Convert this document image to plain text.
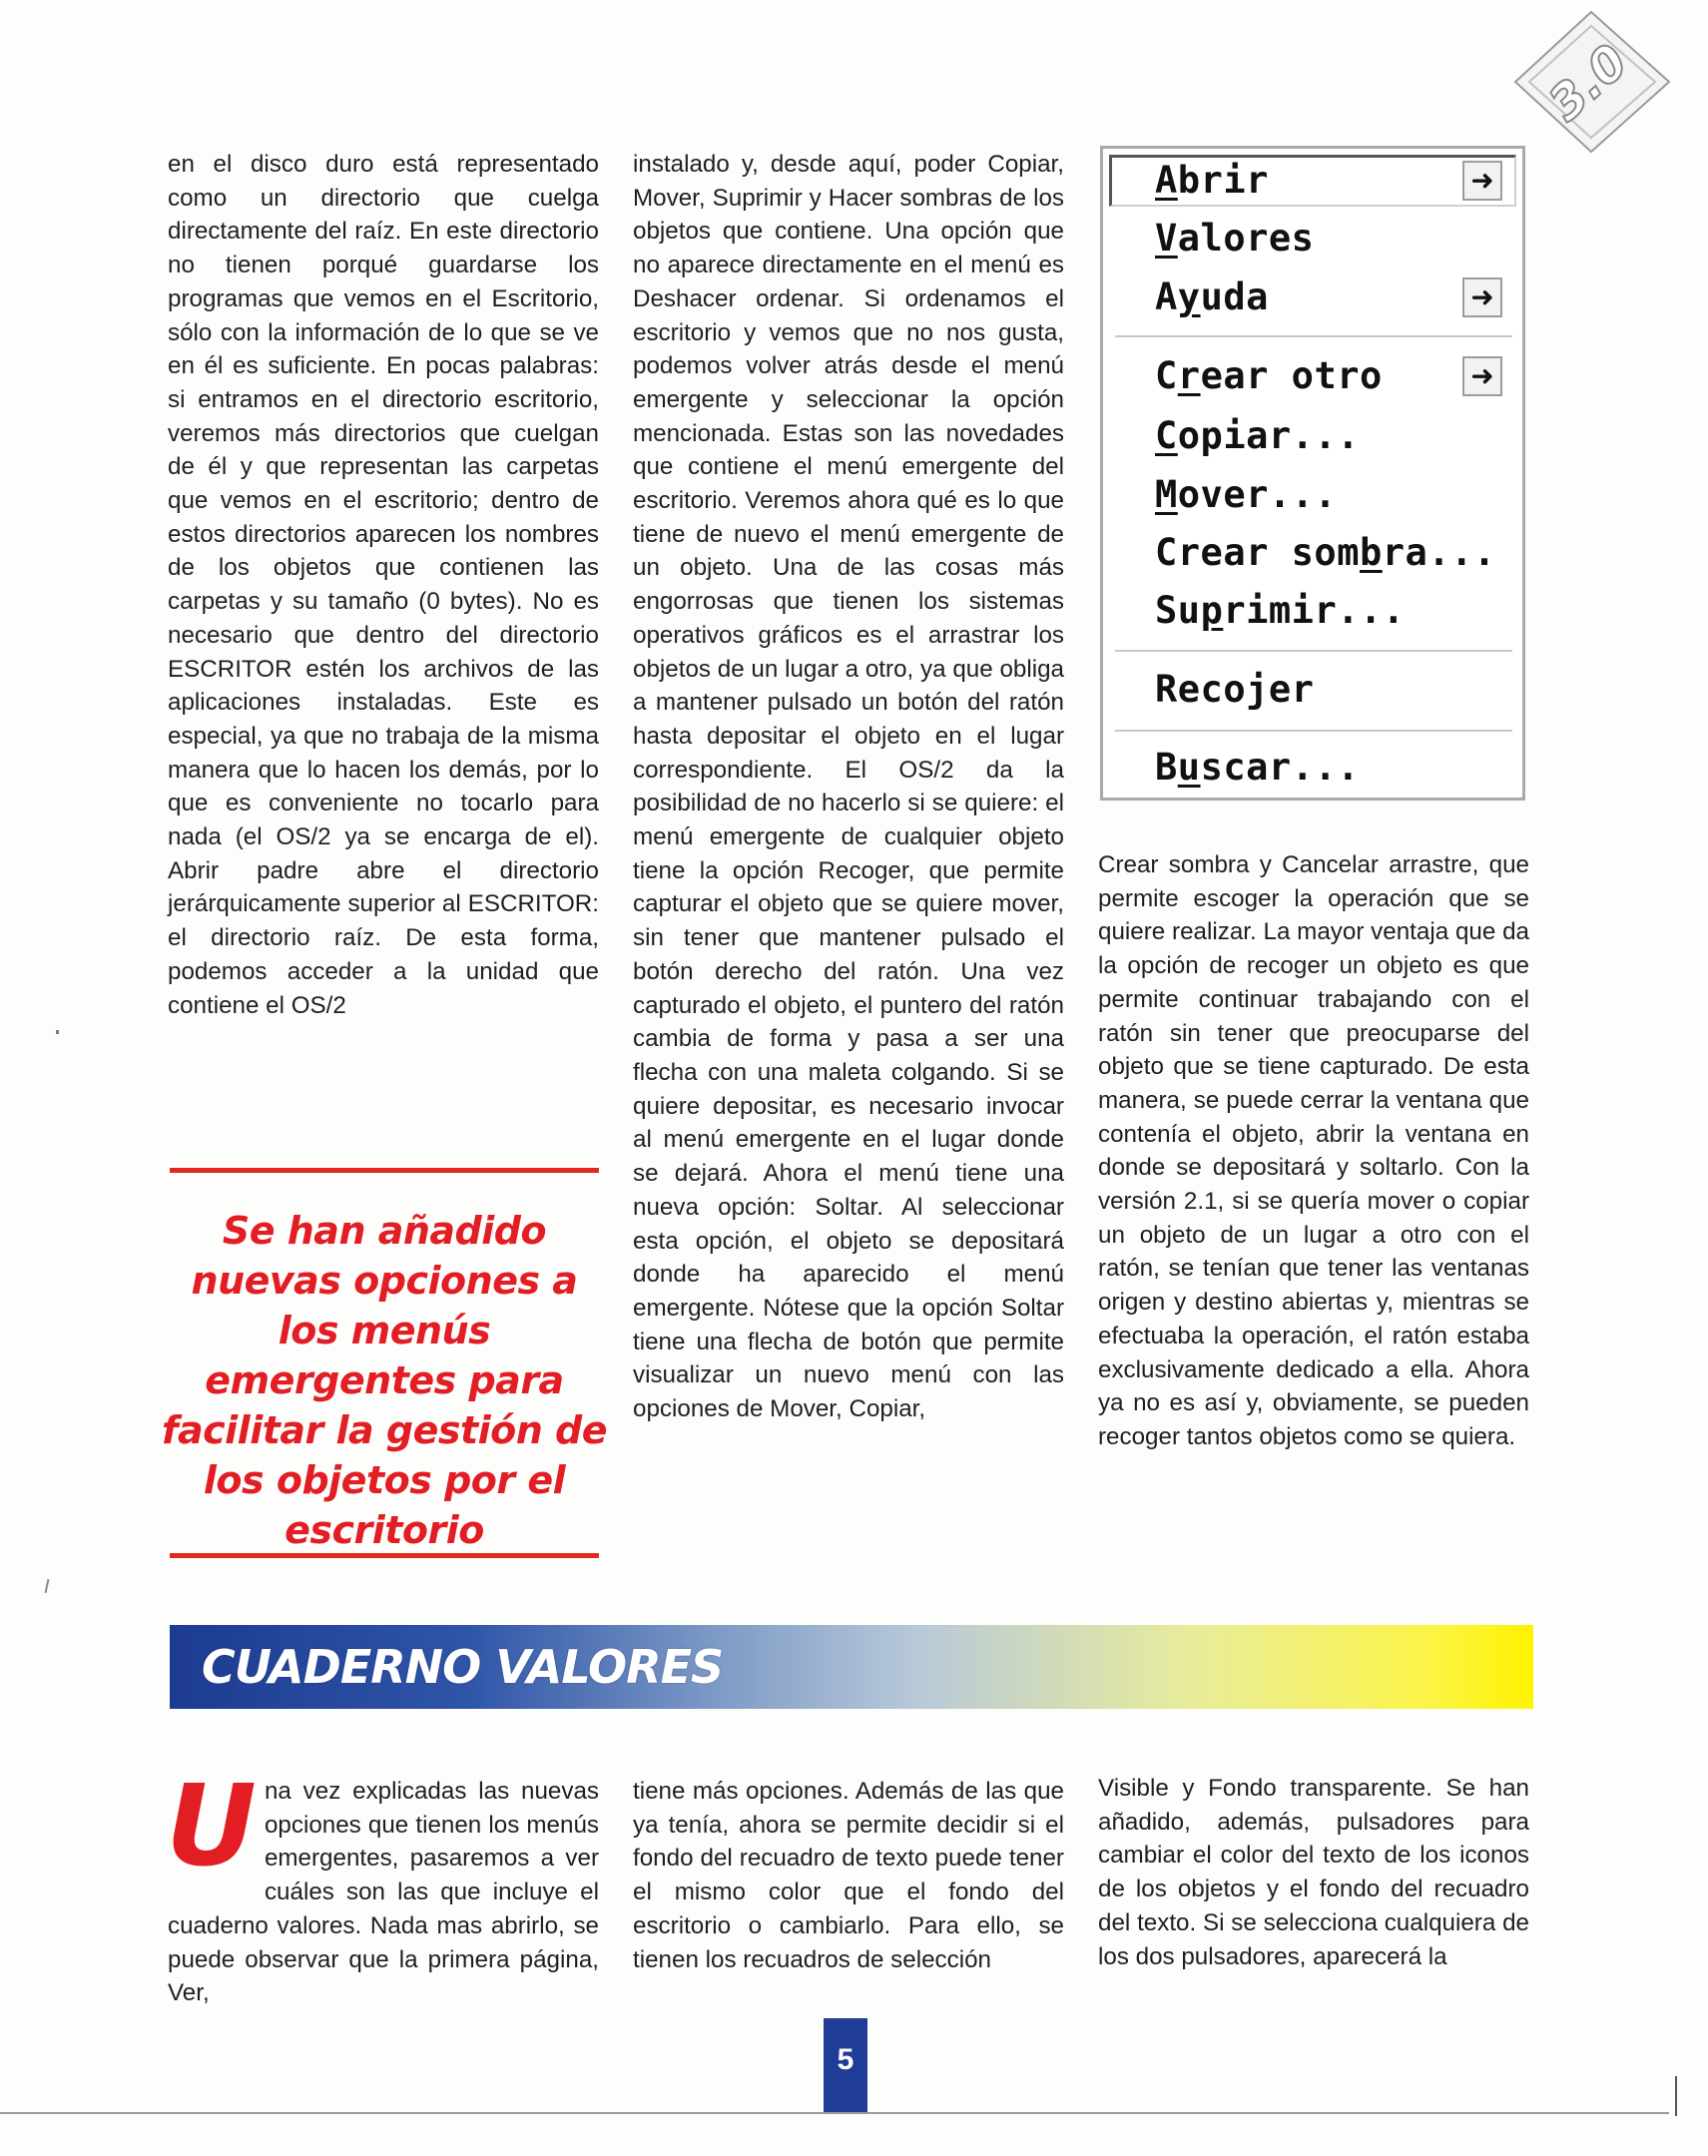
3.0
en el disco duro está representado como un directorio que cuelga directamente del raíz. En este directorio no tienen porqué guardarse los programas que vemos en el Escritorio, sólo con la información de lo que se ve en él es suficiente. En pocas palabras: si entramos en el directorio escritorio, veremos más directorios que cuelgan de él y que representan las carpetas que vemos en el escritorio; dentro de estos directorios aparecen los nombres de los objetos que contienen las carpetas y su tamaño (0 bytes). No es necesario que dentro del directorio ESCRITOR estén los archivos de las aplicaciones instaladas. Este es especial, ya que no trabaja de la misma manera que lo hacen los demás, por lo que es conveniente no tocarlo para nada (el OS/2 ya se encarga de el). Abrir padre abre el directorio jerárquicamente superior al ESCRITOR: el directorio raíz. De esta forma, podemos acceder a la unidad que contiene el OS/2
instalado y, desde aquí, poder Copiar, Mover, Suprimir y Hacer sombras de los objetos que contiene. Una opción que no aparece directamente en el menú es Deshacer ordenar. Si ordenamos el escritorio y vemos que no nos gusta, podemos volver atrás desde el menú emergente y seleccionar la opción mencionada. Estas son las novedades que contiene el menú emergente del escritorio. Veremos ahora qué es lo que tiene de nuevo el menú emergente de un objeto. Una de las cosas más engorrosas que tienen los sistemas operativos gráficos es el arrastrar los objetos de un lugar a otro, ya que obliga a mantener pulsado un botón del ratón hasta depositar el objeto en el lugar correspondiente. El OS/2 da la posibilidad de no hacerlo si se quiere: el menú emergente de cualquier objeto tiene la opción Recoger, que permite capturar el objeto que se quiere mover, sin tener que mantener pulsado el botón derecho del ratón. Una vez capturado el objeto, el puntero del ratón cambia de forma y pasa a ser una flecha con una maleta colgando. Si se quiere depositar, es necesario invocar al menú emergente en el lugar donde se dejará. Ahora el menú tiene una nueva opción: Soltar. Al seleccionar esta opción, el objeto se depositará donde ha aparecido el menú emergente. Nótese que la opción Soltar tiene una flecha de botón que permite visualizar un nuevo menú con las opciones de Mover, Copiar,
Abrir	➜
Valores
Ayuda	➜
Crear otro	➜
Copiar...
Mover...
Crear sombra...
Suprimir...
Recojer
Buscar...
Crear sombra y Cancelar arrastre, que permite escoger la operación que se quiere realizar. La mayor ventaja que da la opción de recoger un objeto es que permite continuar trabajando con el ratón sin tener que preocuparse del objeto que se tiene capturado. De esta manera, se puede cerrar la ventana que contenía el objeto, abrir la ventana en donde se depositará y soltarlo. Con la versión 2.1, si se quería mover o copiar un objeto de un lugar a otro con el ratón, se tenían que tener las ventanas origen y destino abiertas y, mientras se efectuaba la operación, el ratón estaba exclusivamente dedicado a ella. Ahora ya no es así y, obviamente, se pueden recoger tantos objetos como se quiera.
Se han añadido nuevas opciones a los menús emergentes para facilitar la gestión de los objetos por el escritorio
CUADERNO VALORES
Una vez explicadas las nuevas opciones que tienen los menús emergentes, pasaremos a ver cuáles son las que incluye el cuaderno valores. Nada mas abrirlo, se puede observar que la primera página, Ver,
tiene más opciones. Además de las que ya tenía, ahora se permite decidir si el fondo del recuadro de texto puede tener el mismo color que el fondo del escritorio o cambiarlo. Para ello, se tienen los recuadros de selección
Visible y Fondo transparente. Se han añadido, además, pulsadores para cambiar el color del texto de los iconos de los objetos y el fondo del recuadro del texto. Si se selecciona cualquiera de los dos pulsadores, aparecerá la
5
